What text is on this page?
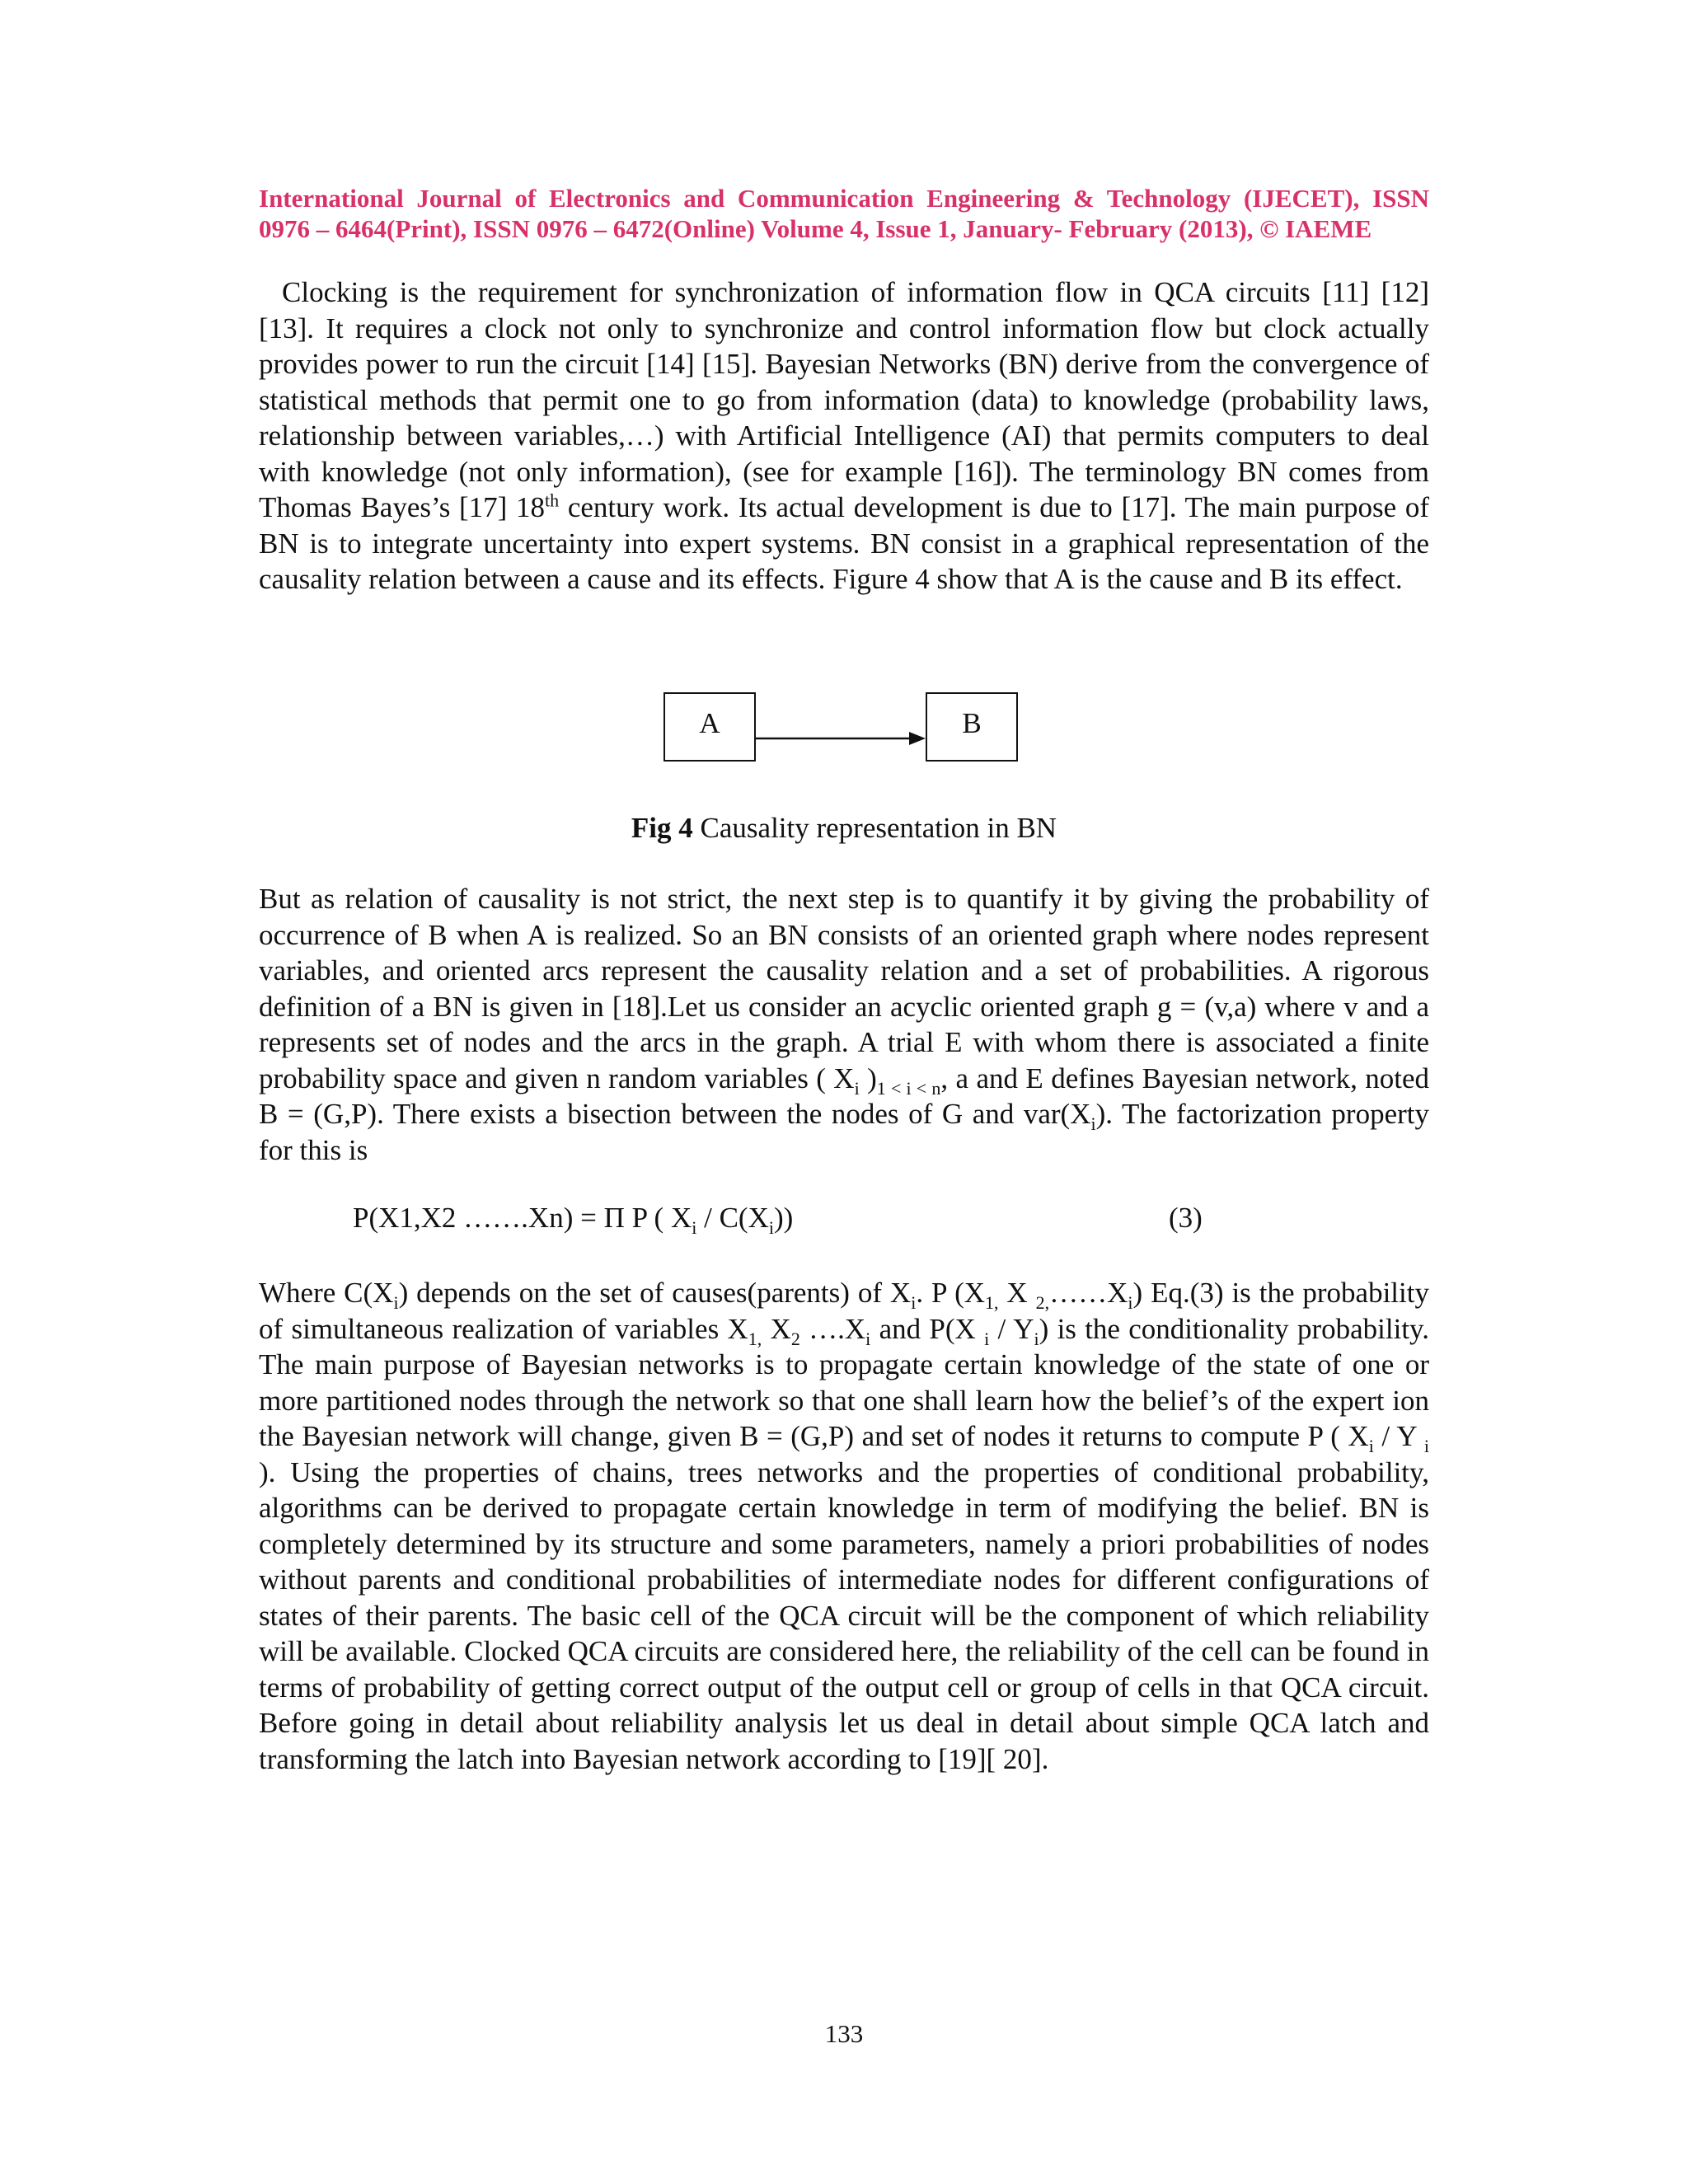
International Journal of Electronics and Communication Engineering & Technology (IJECET), ISSN
0976 – 6464(Print), ISSN 0976 – 6472(Online) Volume 4, Issue 1, January- February (2013), © IAEME

Clocking is the requirement for synchronization of information flow in QCA circuits [11] [12] [13]. It requires a clock not only to synchronize and control information flow but clock actually provides power to run the circuit [14] [15]. Bayesian Networks (BN) derive from the convergence of statistical methods that permit one to go from information (data) to knowledge (probability laws, relationship between variables,…) with Artificial Intelligence (AI) that permits computers to deal with knowledge (not only information), (see for example [16]). The terminology BN comes from Thomas Bayes’s [17] 18th century work. Its actual development is due to [17]. The main purpose of BN is to integrate uncertainty into expert systems. BN consist in a graphical representation of the causality relation between a cause and its effects. Figure 4 show that A is the cause and B its effect.

A	B
Fig 4 Causality representation in BN

But as relation of causality is not strict, the next step is to quantify it by giving the probability of occurrence of B when A is realized. So an BN consists of an oriented graph where nodes represent variables, and oriented arcs represent the causality relation and a set of probabilities. A rigorous definition of a BN is given in [18].Let us consider an acyclic oriented graph g = (v,a) where v and a represents set of nodes and the arcs in the graph. A trial E with whom there is associated a finite probability space and given n random variables ( $X_i$ )$_{1 < i < n}$, a and E defines Bayesian network, noted B = (G,P). There exists a bisection between the nodes of G and $var(X_i)$. The factorization property for this is

P(X1,X2 …….Xn) = Π P ( $X_i / C(X_i)$)	(3)

Where $C(X_i)$ depends on the set of causes(parents) of $X_i$. P ($X_{1,}$ X $_{2,}\dots\dots X_i$) Eq.(3) is the probability of simultaneous realization of variables $X_{1,}$ $X_2$ $\dots.X_i$ and P(X $_i / Y_i$) is the conditionality probability. The main purpose of Bayesian networks is to propagate certain knowledge of the state of one or more partitioned nodes through the network so that one shall learn how the belief’s of the expert ion the Bayesian network will change, given B = (G,P) and set of nodes it returns to compute P ( $X_i$ / Y $_i$ ). Using the properties of chains, trees networks and the properties of conditional probability, algorithms can be derived to propagate certain knowledge in term of modifying the belief. BN is completely determined by its structure and some parameters, namely a priori probabilities of nodes without parents and conditional probabilities of intermediate nodes for different configurations of states of their parents. The basic cell of the QCA circuit will be the component of which reliability will be available. Clocked QCA circuits are considered here, the reliability of the cell can be found in terms of probability of getting correct output of the output cell or group of cells in that QCA circuit. Before going in detail about reliability analysis let us deal in detail about simple QCA latch and transforming the latch into Bayesian network according to [19][ 20].

133
